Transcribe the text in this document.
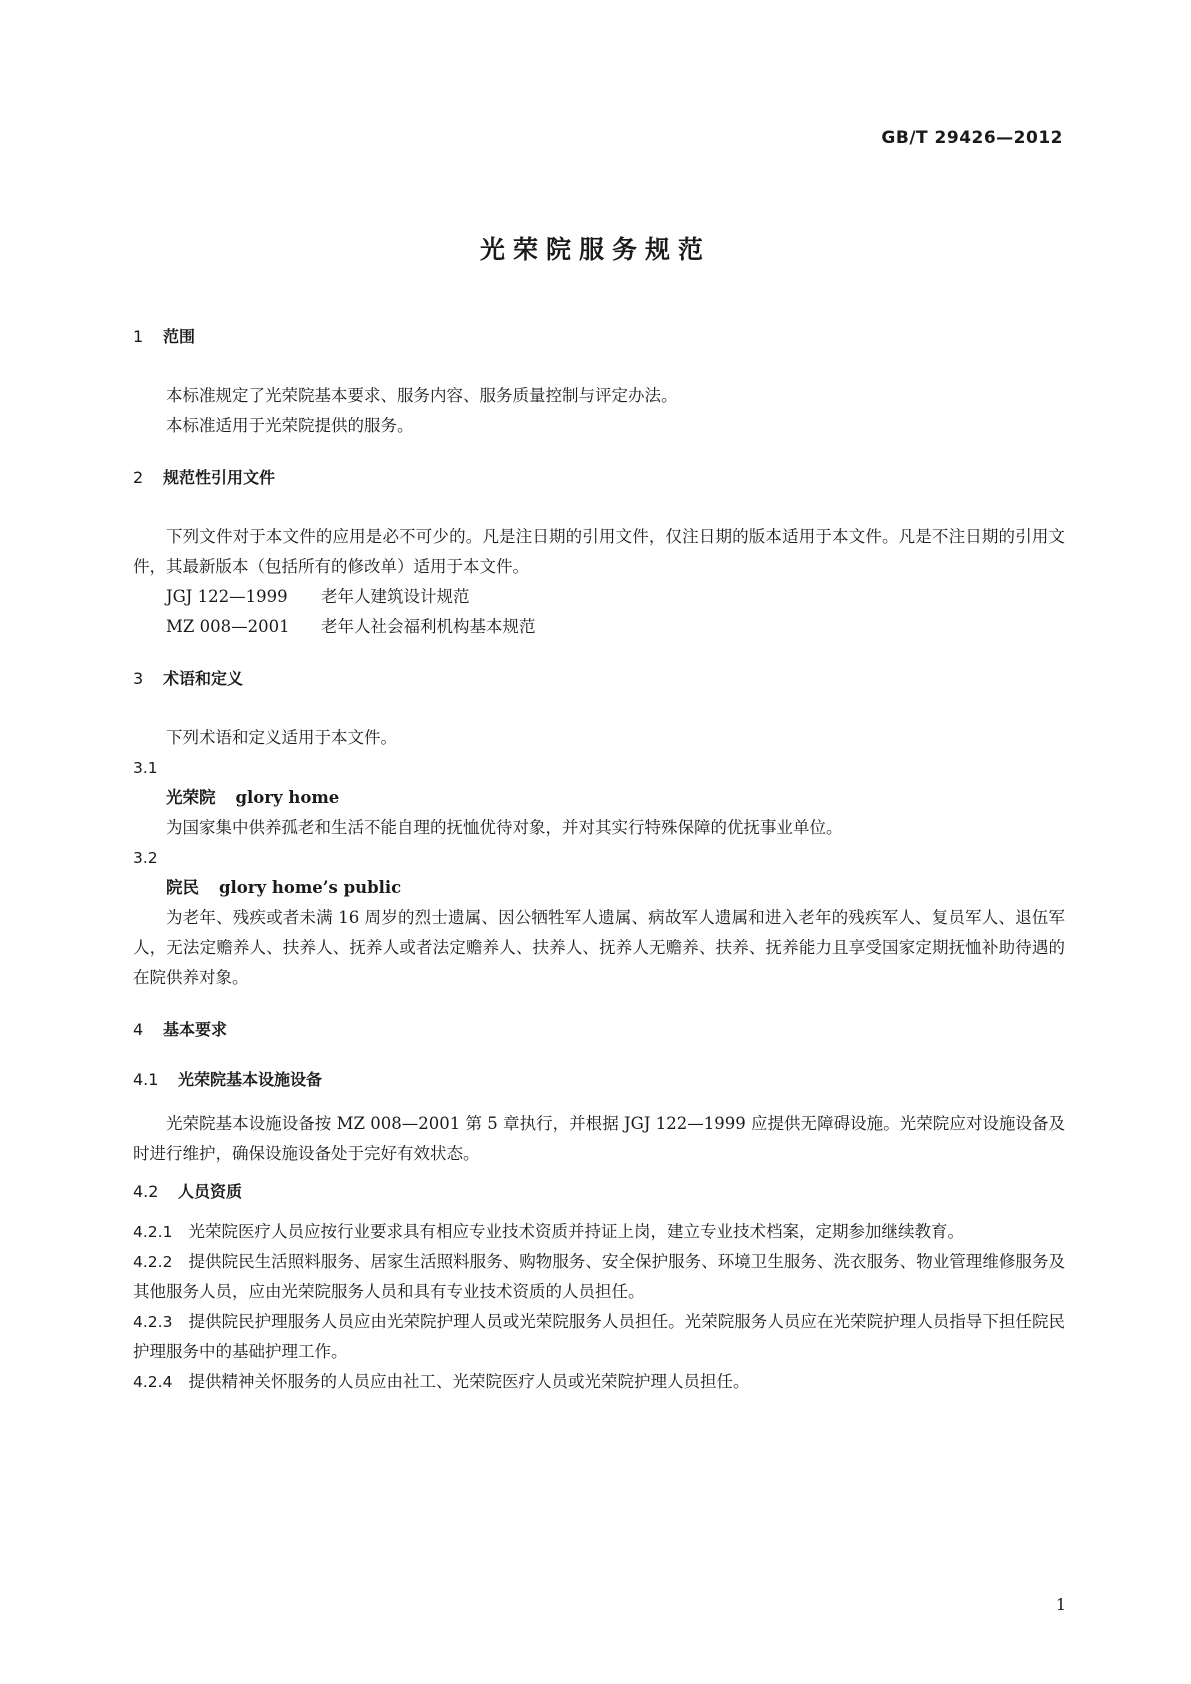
GB/T 29426—2012
光荣院服务规范
1 范围
本标准规定了光荣院基本要求、服务内容、服务质量控制与评定办法。
本标准适用于光荣院提供的服务。
2 规范性引用文件
下列文件对于本文件的应用是必不可少的。凡是注日期的引用文件，仅注日期的版本适用于本文件。凡是不注日期的引用文件，其最新版本（包括所有的修改单）适用于本文件。
JGJ 122—1999 老年人建筑设计规范
MZ 008—2001 老年人社会福利机构基本规范
3 术语和定义
下列术语和定义适用于本文件。
3.1
光荣院 glory home
为国家集中供养孤老和生活不能自理的抚恤优待对象，并对其实行特殊保障的优抚事业单位。
3.2
院民 glory home’s public
为老年、残疾或者未满 16 周岁的烈士遗属、因公牺牲军人遗属、病故军人遗属和进入老年的残疾军人、复员军人、退伍军人，无法定赡养人、扶养人、抚养人或者法定赡养人、扶养人、抚养人无赡养、扶养、抚养能力且享受国家定期抚恤补助待遇的在院供养对象。
4 基本要求
4.1 光荣院基本设施设备
光荣院基本设施设备按 MZ 008—2001 第 5 章执行，并根据 JGJ 122—1999 应提供无障碍设施。光荣院应对设施设备及时进行维护，确保设施设备处于完好有效状态。
4.2 人员资质
4.2.1 光荣院医疗人员应按行业要求具有相应专业技术资质并持证上岗，建立专业技术档案，定期参加继续教育。
4.2.2 提供院民生活照料服务、居家生活照料服务、购物服务、安全保护服务、环境卫生服务、洗衣服务、物业管理维修服务及其他服务人员，应由光荣院服务人员和具有专业技术资质的人员担任。
4.2.3 提供院民护理服务人员应由光荣院护理人员或光荣院服务人员担任。光荣院服务人员应在光荣院护理人员指导下担任院民护理服务中的基础护理工作。
4.2.4 提供精神关怀服务的人员应由社工、光荣院医疗人员或光荣院护理人员担任。
1
